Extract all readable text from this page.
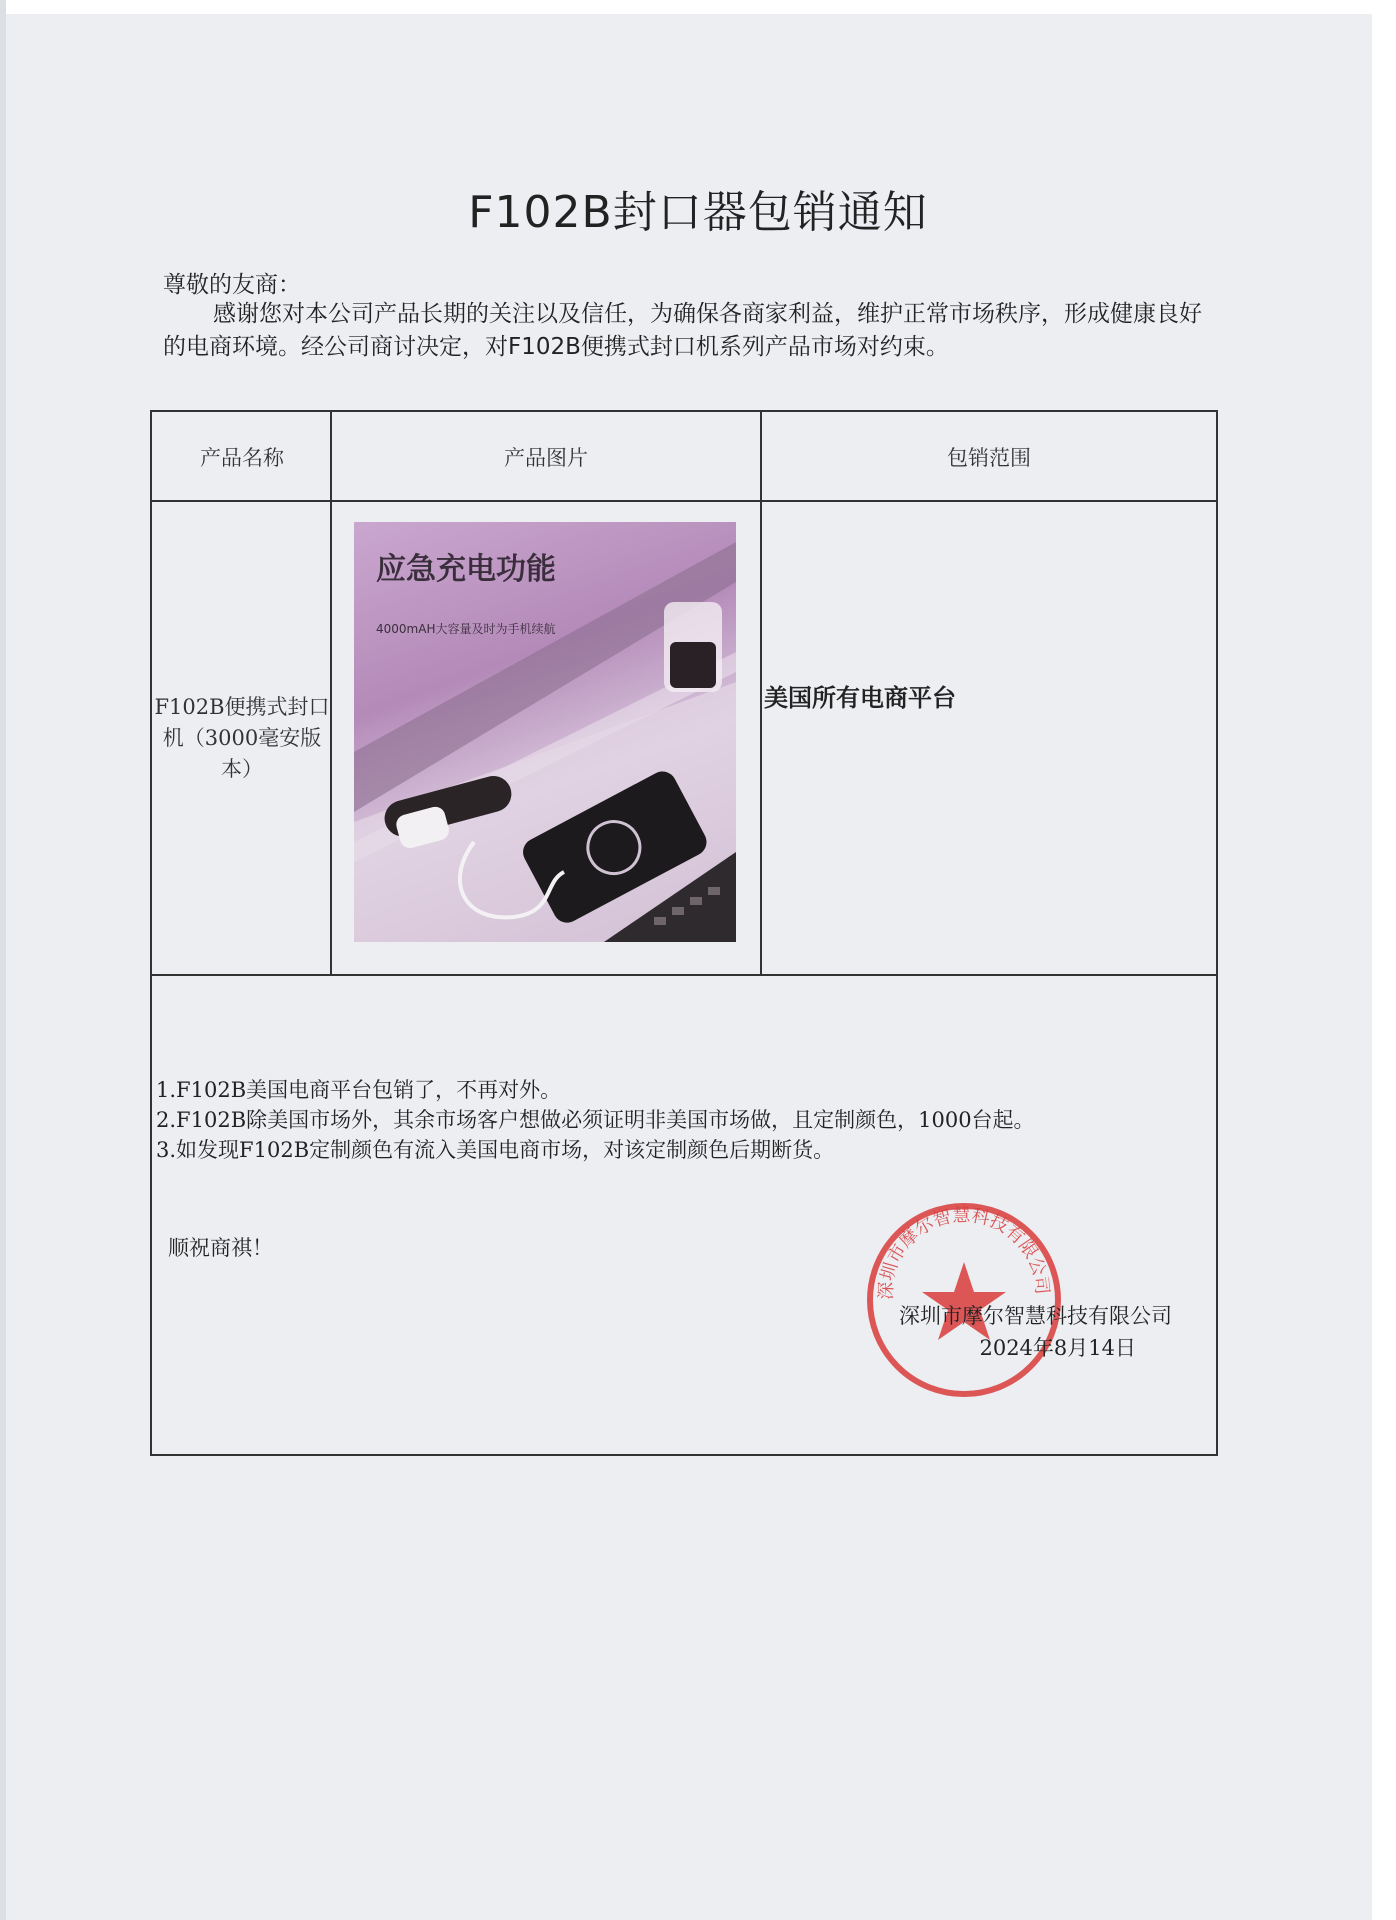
F102B封口器包销通知
尊敬的友商：
感谢您对本公司产品长期的关注以及信任，为确保各商家利益，维护正常市场秩序，形成健康良好的电商环境。经公司商讨决定，对F102B便携式封口机系列产品市场对约束。
产品名称	产品图片	包销范围
F102B便携式封口机（3000毫安版本）
应急充电功能
4000mAH大容量及时为手机续航
美国所有电商平台
1.F102B美国电商平台包销了，不再对外。
2.F102B除美国市场外，其余市场客户想做必须证明非美国市场做，且定制颜色，1000台起。
3.如发现F102B定制颜色有流入美国电商市场，对该定制颜色后期断货。
顺祝商祺！
深圳市摩尔智慧科技有限公司
深圳市摩尔智慧科技有限公司
2024年8月14日
